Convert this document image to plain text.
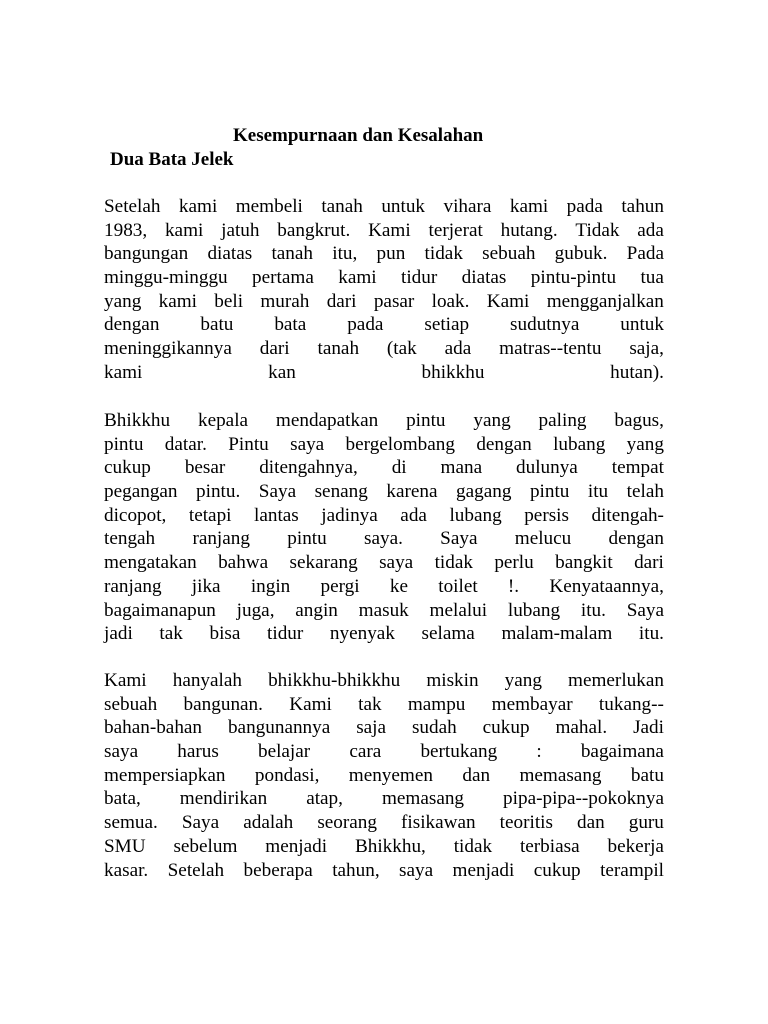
Kesempurnaan dan Kesalahan
Dua Bata Jelek
Setelah kami membeli tanah untuk vihara kami pada tahun
1983, kami jatuh bangkrut. Kami terjerat hutang. Tidak ada
bangungan diatas tanah itu, pun tidak sebuah gubuk. Pada
minggu-minggu pertama kami tidur diatas pintu-pintu tua
yang kami beli murah dari pasar loak. Kami mengganjalkan
dengan batu bata pada setiap sudutnya untuk
meninggikannya dari tanah (tak ada matras--tentu saja,
kami	kan	bhikkhu	hutan).
Bhikkhu kepala mendapatkan pintu yang paling bagus,
pintu datar. Pintu saya bergelombang dengan lubang yang
cukup besar ditengahnya, di mana dulunya tempat
pegangan pintu. Saya senang karena gagang pintu itu telah
dicopot, tetapi lantas jadinya ada lubang persis ditengah-
tengah ranjang pintu saya. Saya melucu dengan
mengatakan bahwa sekarang saya tidak perlu bangkit dari
ranjang jika ingin pergi ke toilet !. Kenyataannya,
bagaimanapun juga, angin masuk melalui lubang itu. Saya
jadi tak bisa tidur nyenyak selama malam-malam itu.
Kami hanyalah bhikkhu-bhikkhu miskin yang memerlukan
sebuah bangunan. Kami tak mampu membayar tukang--
bahan-bahan bangunannya saja sudah cukup mahal. Jadi
saya harus belajar cara bertukang : bagaimana
mempersiapkan pondasi, menyemen dan memasang batu
bata, mendirikan atap, memasang pipa-pipa--pokoknya
semua. Saya adalah seorang fisikawan teoritis dan guru
SMU sebelum menjadi Bhikkhu, tidak terbiasa bekerja
kasar. Setelah beberapa tahun, saya menjadi cukup terampil
